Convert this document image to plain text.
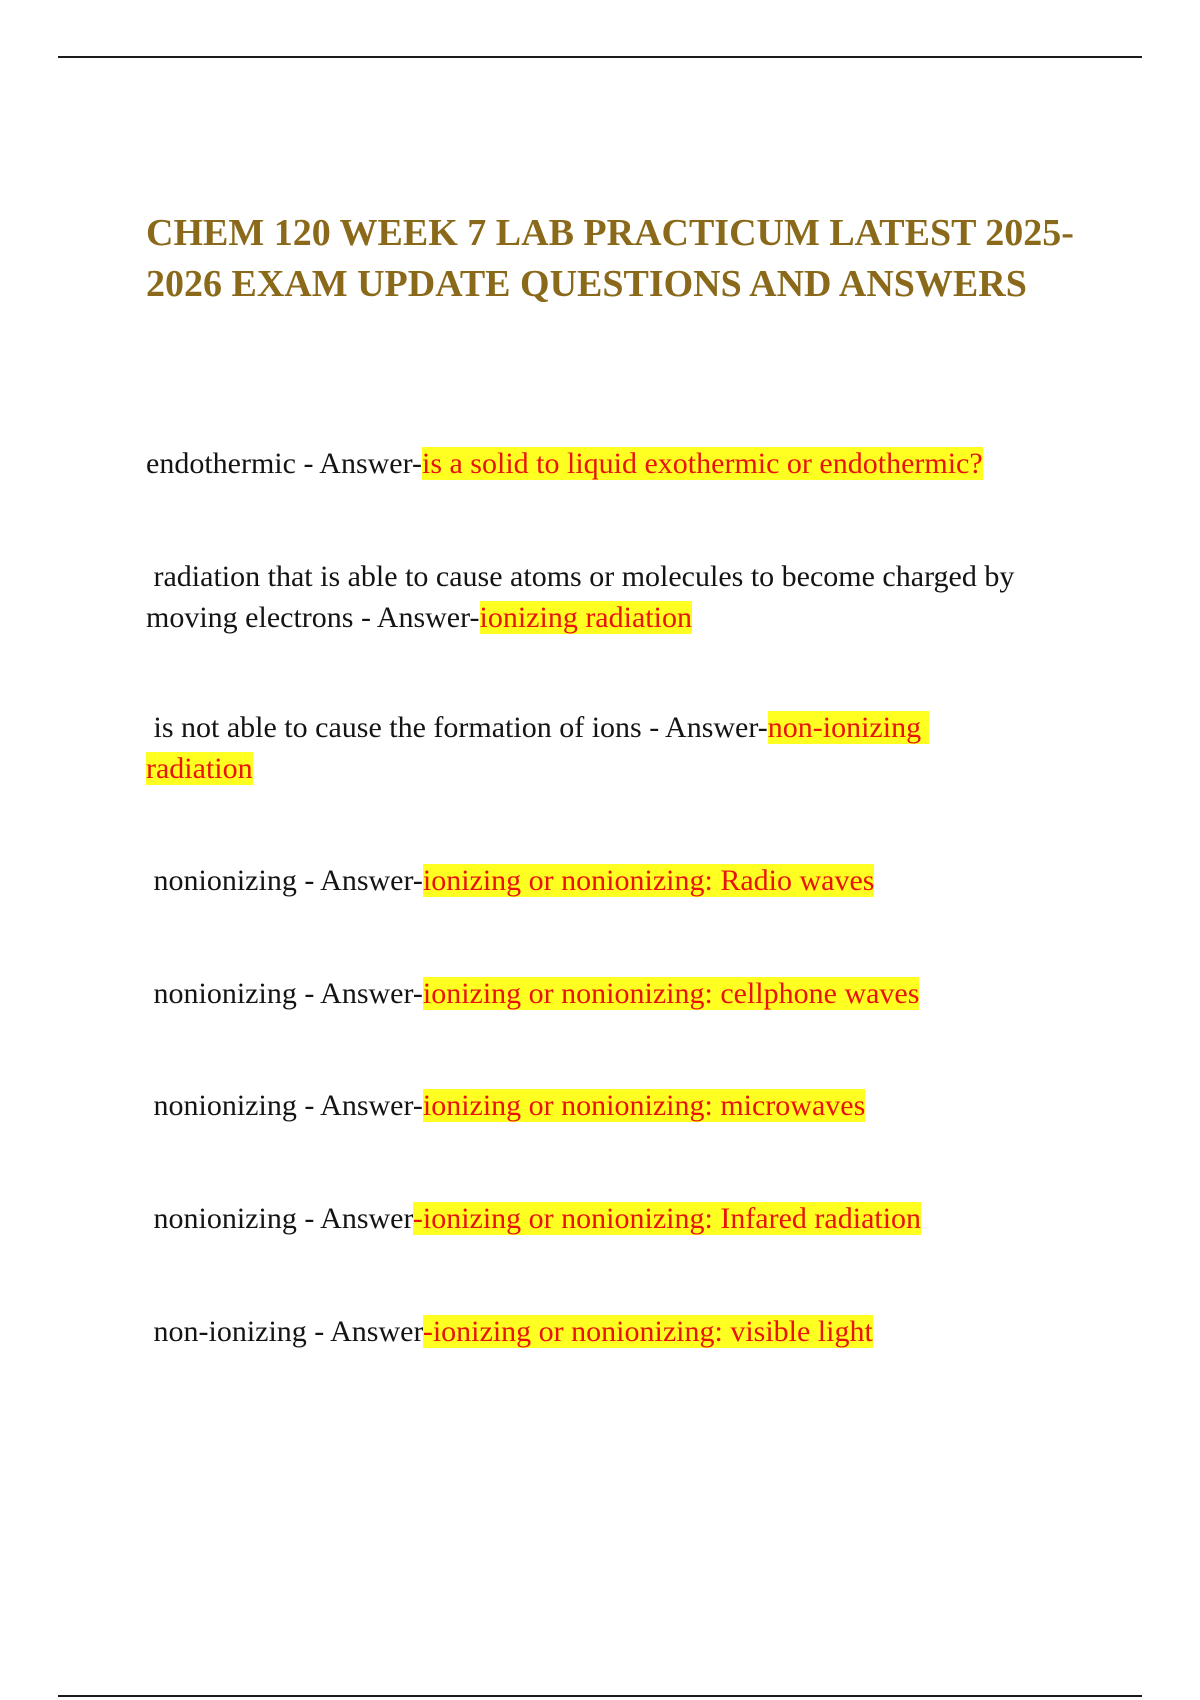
CHEM 120 WEEK 7 LAB PRACTICUM LATEST 2025-2026 EXAM UPDATE QUESTIONS AND ANSWERS

endothermic - Answer-is a solid to liquid exothermic or endothermic?

radiation that is able to cause atoms or molecules to become charged by moving electrons - Answer-ionizing radiation

is not able to cause the formation of ions - Answer-non-ionizing radiation

nonionizing - Answer-ionizing or nonionizing: Radio waves

nonionizing - Answer-ionizing or nonionizing: cellphone waves

nonionizing - Answer-ionizing or nonionizing: microwaves

nonionizing - Answer-ionizing or nonionizing: Infared radiation

non-ionizing - Answer-ionizing or nonionizing: visible light
